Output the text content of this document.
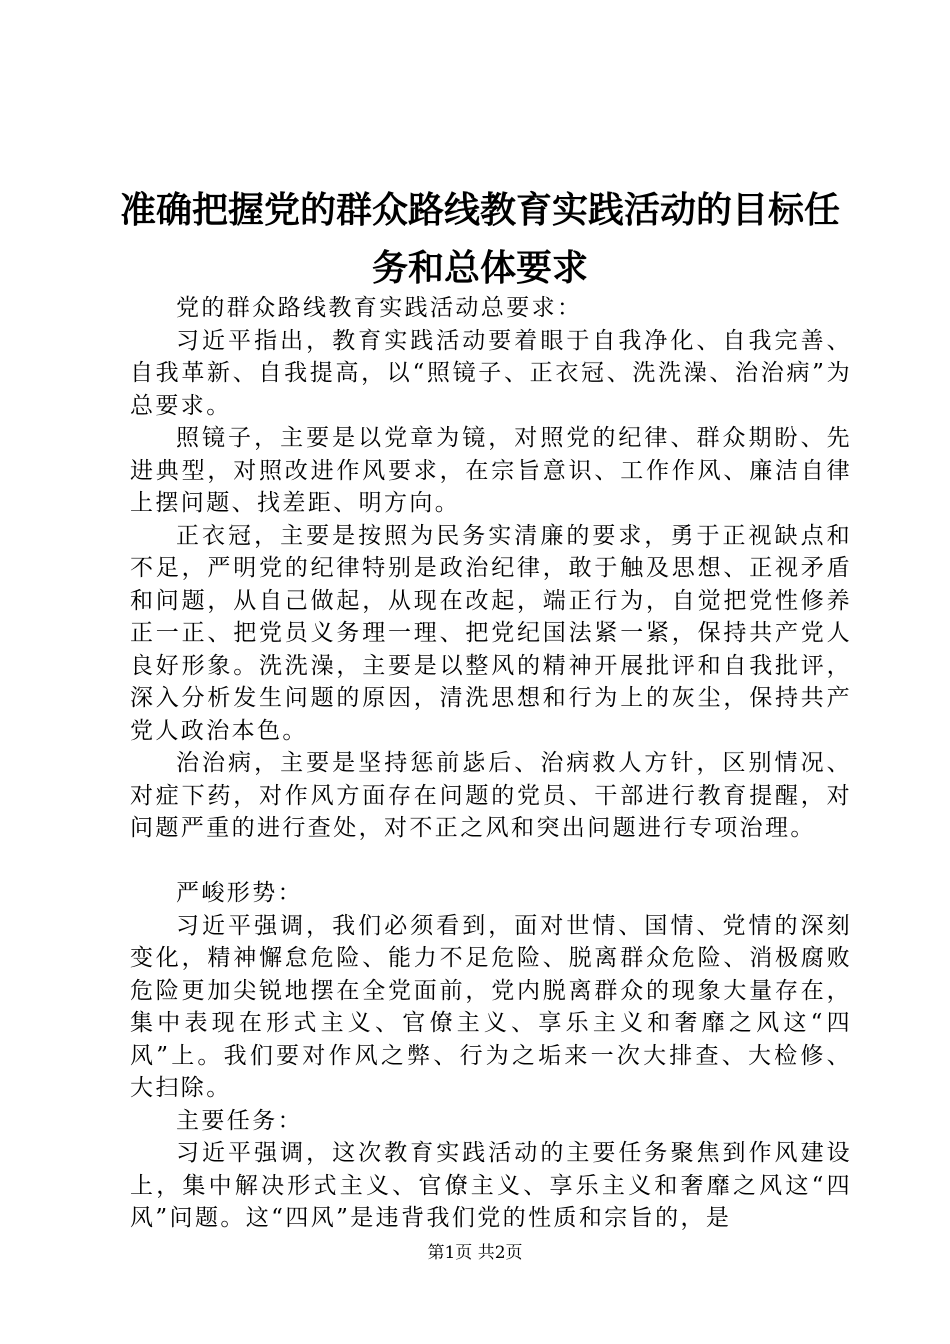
准确把握党的群众路线教育实践活动的目标任
务和总体要求

党的群众路线教育实践活动总要求：

习近平指出，教育实践活动要着眼于自我净化、自我完善、自我革新、自我提高，以“照镜子、正衣冠、洗洗澡、治治病”为总要求。

照镜子，主要是以党章为镜，对照党的纪律、群众期盼、先进典型，对照改进作风要求，在宗旨意识、工作作风、廉洁自律上摆问题、找差距、明方向。

正衣冠，主要是按照为民务实清廉的要求，勇于正视缺点和不足，严明党的纪律特别是政治纪律，敢于触及思想、正视矛盾和问题，从自己做起，从现在改起，端正行为，自觉把党性修养正一正、把党员义务理一理、把党纪国法紧一紧，保持共产党人良好形象。洗洗澡，主要是以整风的精神开展批评和自我批评，深入分析发生问题的原因，清洗思想和行为上的灰尘，保持共产党人政治本色。

治治病，主要是坚持惩前毖后、治病救人方针，区别情况、对症下药，对作风方面存在问题的党员、干部进行教育提醒，对问题严重的进行查处，对不正之风和突出问题进行专项治理。

严峻形势：

习近平强调，我们必须看到，面对世情、国情、党情的深刻变化，精神懈怠危险、能力不足危险、脱离群众危险、消极腐败危险更加尖锐地摆在全党面前，党内脱离群众的现象大量存在，集中表现在形式主义、官僚主义、享乐主义和奢靡之风这“四风”上。我们要对作风之弊、行为之垢来一次大排查、大检修、大扫除。

主要任务：

习近平强调，这次教育实践活动的主要任务聚焦到作风建设上，集中解决形式主义、官僚主义、享乐主义和奢靡之风这“四风”问题。这“四风”是违背我们党的性质和宗旨的，是

第1页 共2页
